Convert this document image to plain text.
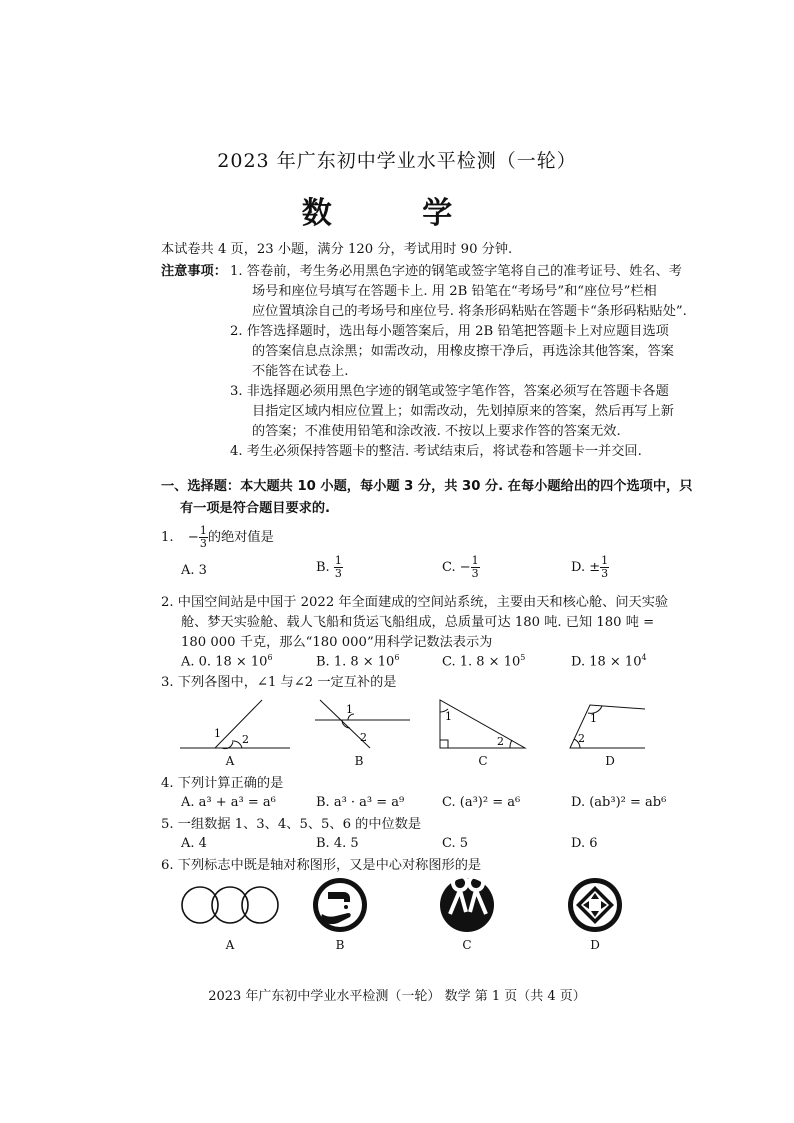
2023 年广东初中学业水平检测（一轮）
数 学
本试卷共 4 页，23 小题，满分 120 分，考试用时 90 分钟.
注意事项： 1. 答卷前，考生务必用黑色字迹的钢笔或签字笔将自己的准考证号、姓名、考
场号和座位号填写在答题卡上. 用 2B 铅笔在“考场号”和“座位号”栏相
应位置填涂自己的考场号和座位号. 将条形码粘贴在答题卡“条形码粘贴处”.
2. 作答选择题时，选出每小题答案后，用 2B 铅笔把答题卡上对应题目选项
的答案信息点涂黑；如需改动，用橡皮擦干净后，再选涂其他答案，答案
不能答在试卷上.
3. 非选择题必须用黑色字迹的钢笔或签字笔作答，答案必须写在答题卡各题
目指定区域内相应位置上；如需改动，先划掉原来的答案，然后再写上新
的答案；不准使用铅笔和涂改液. 不按以上要求作答的答案无效.
4. 考生必须保持答题卡的整洁. 考试结束后，将试卷和答题卡一并交回.
一、选择题：本大题共 10 小题，每小题 3 分，共 30 分. 在每小题给出的四个选项中，只
有一项是符合题目要求的.
1. − $\frac{1}{3}$ 的绝对值是
A. 3	B. $\frac{1}{3}$	C. − $\frac{1}{3}$	D. ± $\frac{1}{3}$
2. 中国空间站是中国于 2022 年全面建成的空间站系统，主要由天和核心舱、问天实验
舱、梦天实验舱、载人飞船和货运飞船组成，总质量可达 180 吨. 已知 180 吨 =
180 000 千克，那么“180 000”用科学记数法表示为
A. 0. $18 \times 10^6$	B. 1. $8 \times 10^6$	C. 1. $8 \times 10^5$	D. $18 \times 10^4$
3. 下列各图中，∠1 与∠2 一定互补的是
1 2
1
2
1
2
1
2
A	B	C	D
4. 下列计算正确的是
A. a³ + a³ = a⁶	B. a³ · a³ = a⁹	C. (a³)² = a⁶	D. (ab³)² = ab⁶
5. 一组数据 1、3、4、5、5、6 的中位数是
A. 4	B. 4. 5	C. 5	D. 6
6. 下列标志中既是轴对称图形，又是中心对称图形的是
A	B	C	D
2023 年广东初中学业水平检测（一轮） 数学 第 1 页（共 4 页）
